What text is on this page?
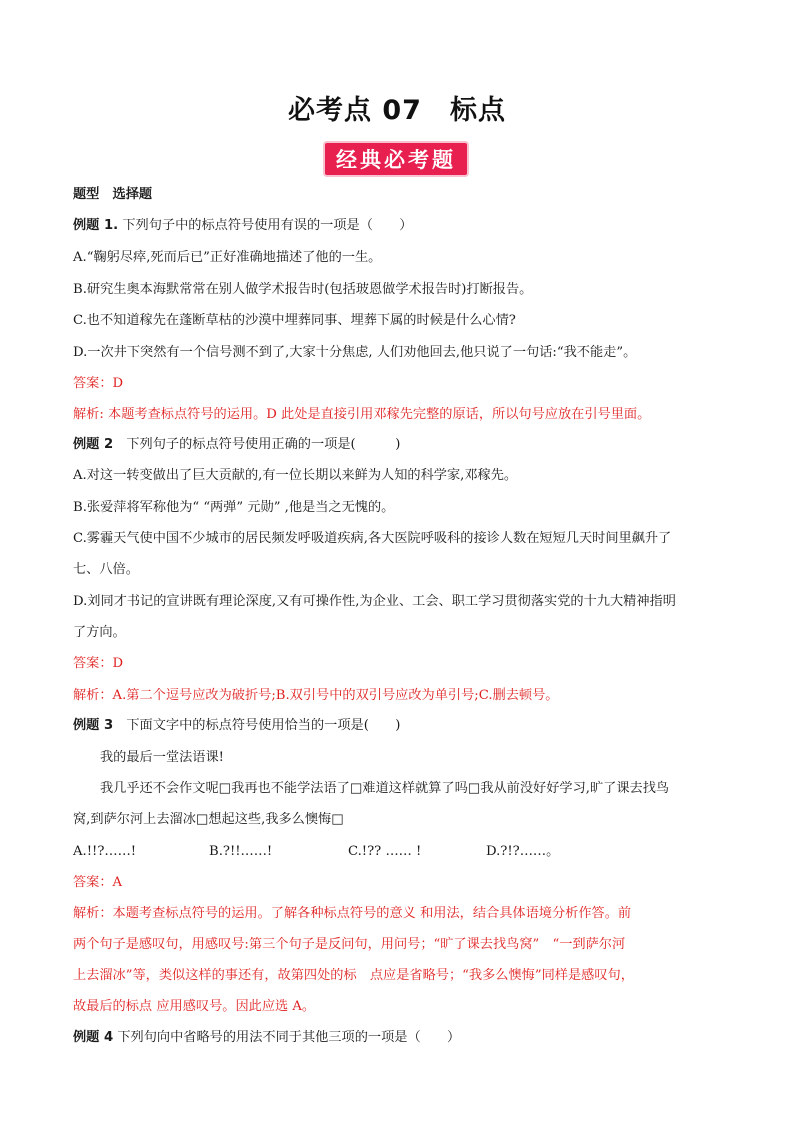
必考点 07　标点
经典必考题
题型　选择题
例题 1. 下列句子中的标点符号使用有误的一项是（　　）
A.“鞠躬尽瘁,死而后已”正好准确地描述了他的一生。
B.研究生奥本海默常常在别人做学术报告时(包括玻恩做学术报告时)打断报告。
C.也不知道稼先在蓬断草枯的沙漠中埋葬同事、埋葬下属的时候是什么心情?
D.一次井下突然有一个信号测不到了,大家十分焦虑, 人们劝他回去,他只说了一句话:“我不能走”。
答案：D
解析: 本题考查标点符号的运用。D 此处是直接引用邓稼先完整的原话，所以句号应放在引号里面。
例题 2　下列句子的标点符号使用正确的一项是(　　　)
A.对这一转变做出了巨大贡献的,有一位长期以来鲜为人知的科学家,邓稼先。
B.张爱萍将军称他为“ “两弹” 元勋” ,他是当之无愧的。
C.雾霾天气使中国不少城市的居民频发呼吸道疾病,各大医院呼吸科的接诊人数在短短几天时间里飙升了
七、八倍。
D.刘同才书记的宣讲既有理论深度,又有可操作性,为企业、工会、职工学习贯彻落实党的十九大精神指明
了方向。
答案：D
解析：A.第二个逗号应改为破折号;B.双引号中的双引号应改为单引号;C.删去顿号。
例题 3　下面文字中的标点符号使用恰当的一项是(　　)
我的最后一堂法语课!
我几乎还不会作文呢□我再也不能学法语了□难道这样就算了吗□我从前没好好学习,旷了课去找鸟
窝,到萨尔河上去溜冰□想起这些,我多么懊悔□
A.!!?……!	B.?!!……!	C.!?? …… !	D.?!?……。
答案：A
解析：本题考查标点符号的运用。了解各种标点符号的意义 和用法，结合具体语境分析作答。前
两个句子是感叹句，用感叹号:第三个句子是反问句，用问号；“旷了课去找鸟窝”　“一到萨尔河
上去溜冰”等，类似这样的事还有，故第四处的标　点应是省略号；“我多么懊悔”同样是感叹句，
故最后的标点 应用感叹号。因此应选 A。
例题 4 下列句向中省略号的用法不同于其他三项的一项是（　　）
